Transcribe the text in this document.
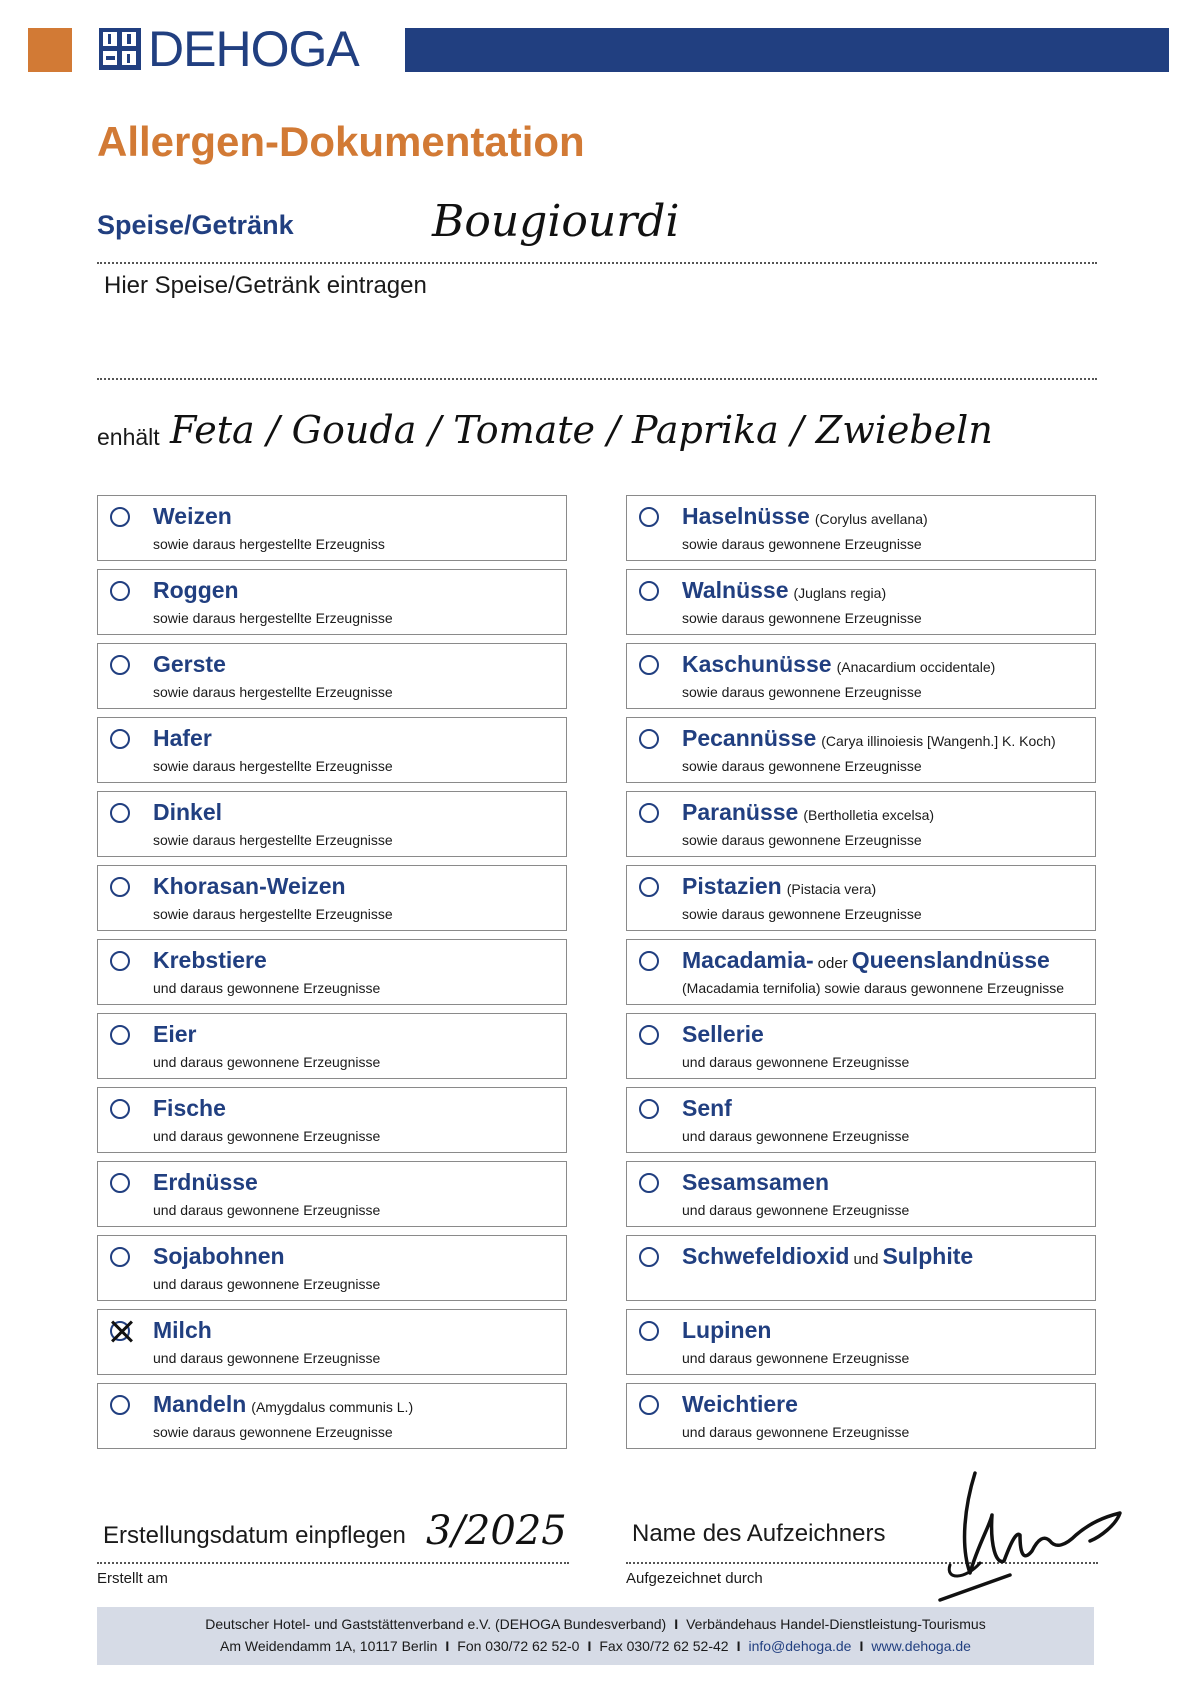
DEHOGA
Allergen-Dokumentation
Speise/Getränk	Bougiourdi
Hier Speise/Getränk eintragen
enhält Feta / Gouda / Tomate / Paprika / Zwiebeln
Weizen
sowie daraus hergestellte Erzeugniss
Roggen
sowie daraus hergestellte Erzeugnisse
Gerste
sowie daraus hergestellte Erzeugnisse
Hafer
sowie daraus hergestellte Erzeugnisse
Dinkel
sowie daraus hergestellte Erzeugnisse
Khorasan-Weizen
sowie daraus hergestellte Erzeugnisse
Krebstiere
und daraus gewonnene Erzeugnisse
Eier
und daraus gewonnene Erzeugnisse
Fische
und daraus gewonnene Erzeugnisse
Erdnüsse
und daraus gewonnene Erzeugnisse
Sojabohnen
und daraus gewonnene Erzeugnisse
Milch
und daraus gewonnene Erzeugnisse
Mandeln (Amygdalus communis L.)
sowie daraus gewonnene Erzeugnisse
Haselnüsse (Corylus avellana)
sowie daraus gewonnene Erzeugnisse
Walnüsse (Juglans regia)
sowie daraus gewonnene Erzeugnisse
Kaschunüsse (Anacardium occidentale)
sowie daraus gewonnene Erzeugnisse
Pecannüsse (Carya illinoiesis [Wangenh.] K. Koch)
sowie daraus gewonnene Erzeugnisse
Paranüsse (Bertholletia excelsa)
sowie daraus gewonnene Erzeugnisse
Pistazien (Pistacia vera)
sowie daraus gewonnene Erzeugnisse
Macadamia- oder Queenslandnüsse
(Macadamia ternifolia) sowie daraus gewonnene Erzeugnisse
Sellerie
und daraus gewonnene Erzeugnisse
Senf
und daraus gewonnene Erzeugnisse
Sesamsamen
und daraus gewonnene Erzeugnisse
Schwefeldioxid und Sulphite
Lupinen
und daraus gewonnene Erzeugnisse
Weichtiere
und daraus gewonnene Erzeugnisse
Erstellungsdatum einpflegen 3/2025
Erstellt am
Name des Aufzeichners
Aufgezeichnet durch
Deutscher Hotel- und Gaststättenverband e.V. (DEHOGA Bundesverband) I Verbändehaus Handel-Dienstleistung-Tourismus
Am Weidendamm 1A, 10117 Berlin I Fon 030/72 62 52-0 I Fax 030/72 62 52-42 I info@dehoga.de I www.dehoga.de
